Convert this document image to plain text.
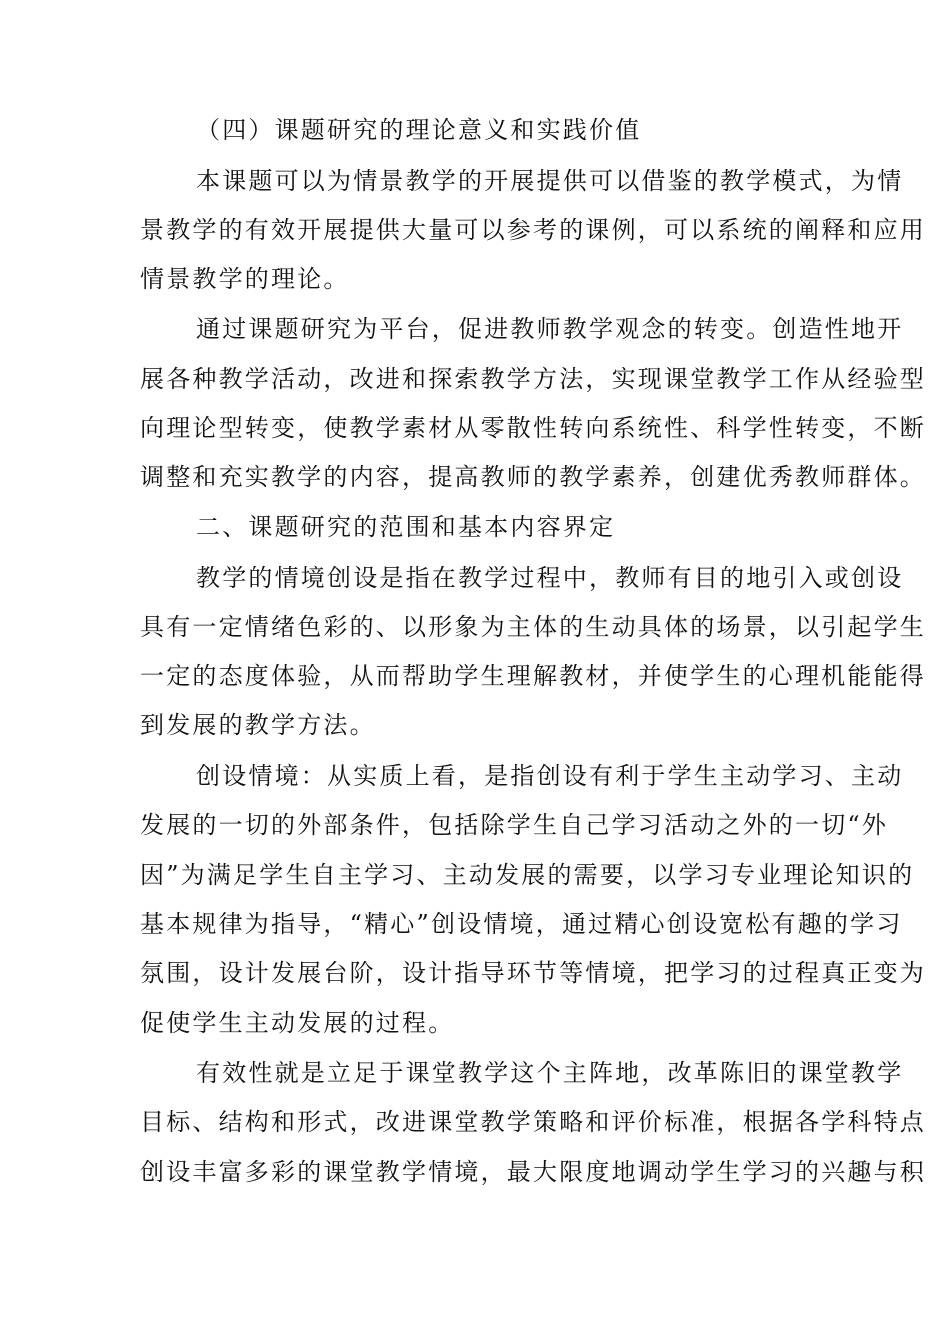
（四）课题研究的理论意义和实践价值
本课题可以为情景教学的开展提供可以借鉴的教学模式，为情
景教学的有效开展提供大量可以参考的课例，可以系统的阐释和应用
情景教学的理论。
通过课题研究为平台，促进教师教学观念的转变。创造性地开
展各种教学活动，改进和探索教学方法，实现课堂教学工作从经验型
向理论型转变，使教学素材从零散性转向系统性、科学性转变，不断
调整和充实教学的内容，提高教师的教学素养，创建优秀教师群体。
二、课题研究的范围和基本内容界定
教学的情境创设是指在教学过程中，教师有目的地引入或创设
具有一定情绪色彩的、以形象为主体的生动具体的场景，以引起学生
一定的态度体验，从而帮助学生理解教材，并使学生的心理机能能得
到发展的教学方法。
创设情境：从实质上看，是指创设有利于学生主动学习、主动
发展的一切的外部条件，包括除学生自己学习活动之外的一切“外
因”为满足学生自主学习、主动发展的需要，以学习专业理论知识的
基本规律为指导，“精心”创设情境，通过精心创设宽松有趣的学习
氛围，设计发展台阶，设计指导环节等情境，把学习的过程真正变为
促使学生主动发展的过程。
有效性就是立足于课堂教学这个主阵地，改革陈旧的课堂教学
目标、结构和形式，改进课堂教学策略和评价标准，根据各学科特点
创设丰富多彩的课堂教学情境，最大限度地调动学生学习的兴趣与积
